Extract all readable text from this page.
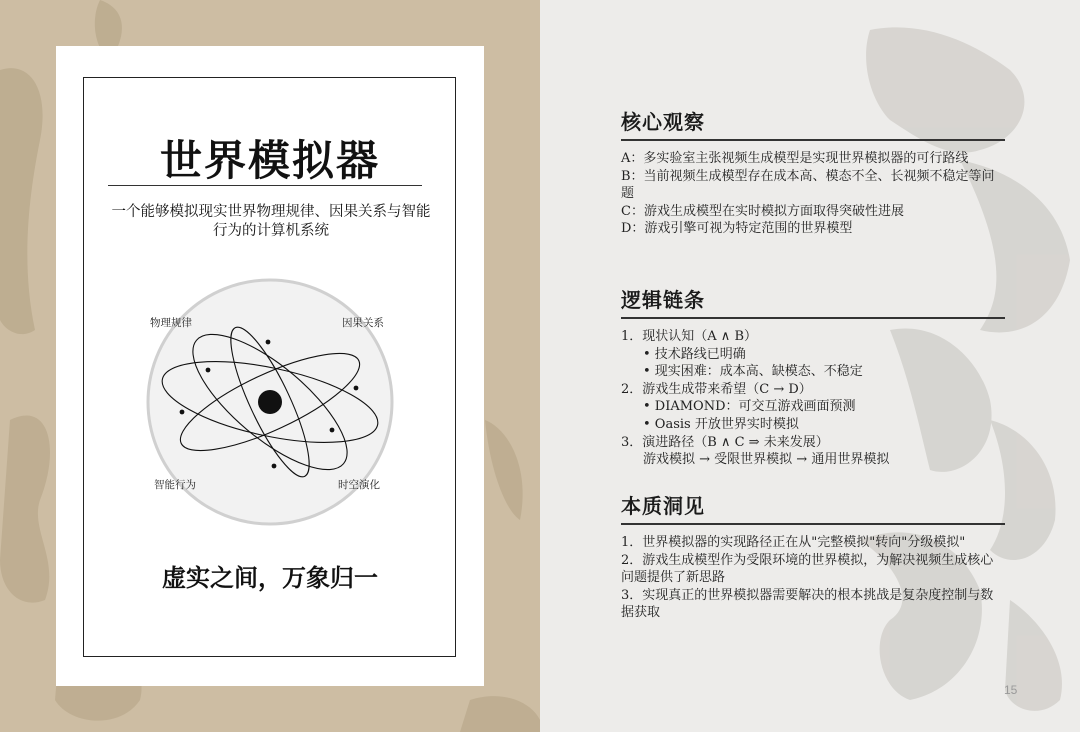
世界模拟器
一个能够模拟现实世界物理规律、因果关系与智能行为的计算机系统
物理规律	因果关系
智能行为	时空演化
虚实之间，万象归一
核心观察
A：多实验室主张视频生成模型是实现世界模拟器的可行路线
B：当前视频生成模型存在成本高、模态不全、长视频不稳定等问题
C：游戏生成模型在实时模拟方面取得突破性进展
D：游戏引擎可视为特定范围的世界模型
逻辑链条
1．现状认知（A ∧ B）
• 技术路线已明确
• 现实困难：成本高、缺模态、不稳定
2．游戏生成带来希望（C → D）
• DIAMOND：可交互游戏画面预测
• Oasis 开放世界实时模拟
3．演进路径（B ∧ C ⇒ 未来发展）
游戏模拟 → 受限世界模拟 → 通用世界模拟
本质洞见
1．世界模拟器的实现路径正在从"完整模拟"转向"分级模拟"
2．游戏生成模型作为受限环境的世界模拟，为解决视频生成核心问题提供了新思路
3．实现真正的世界模拟器需要解决的根本挑战是复杂度控制与数据获取
15
